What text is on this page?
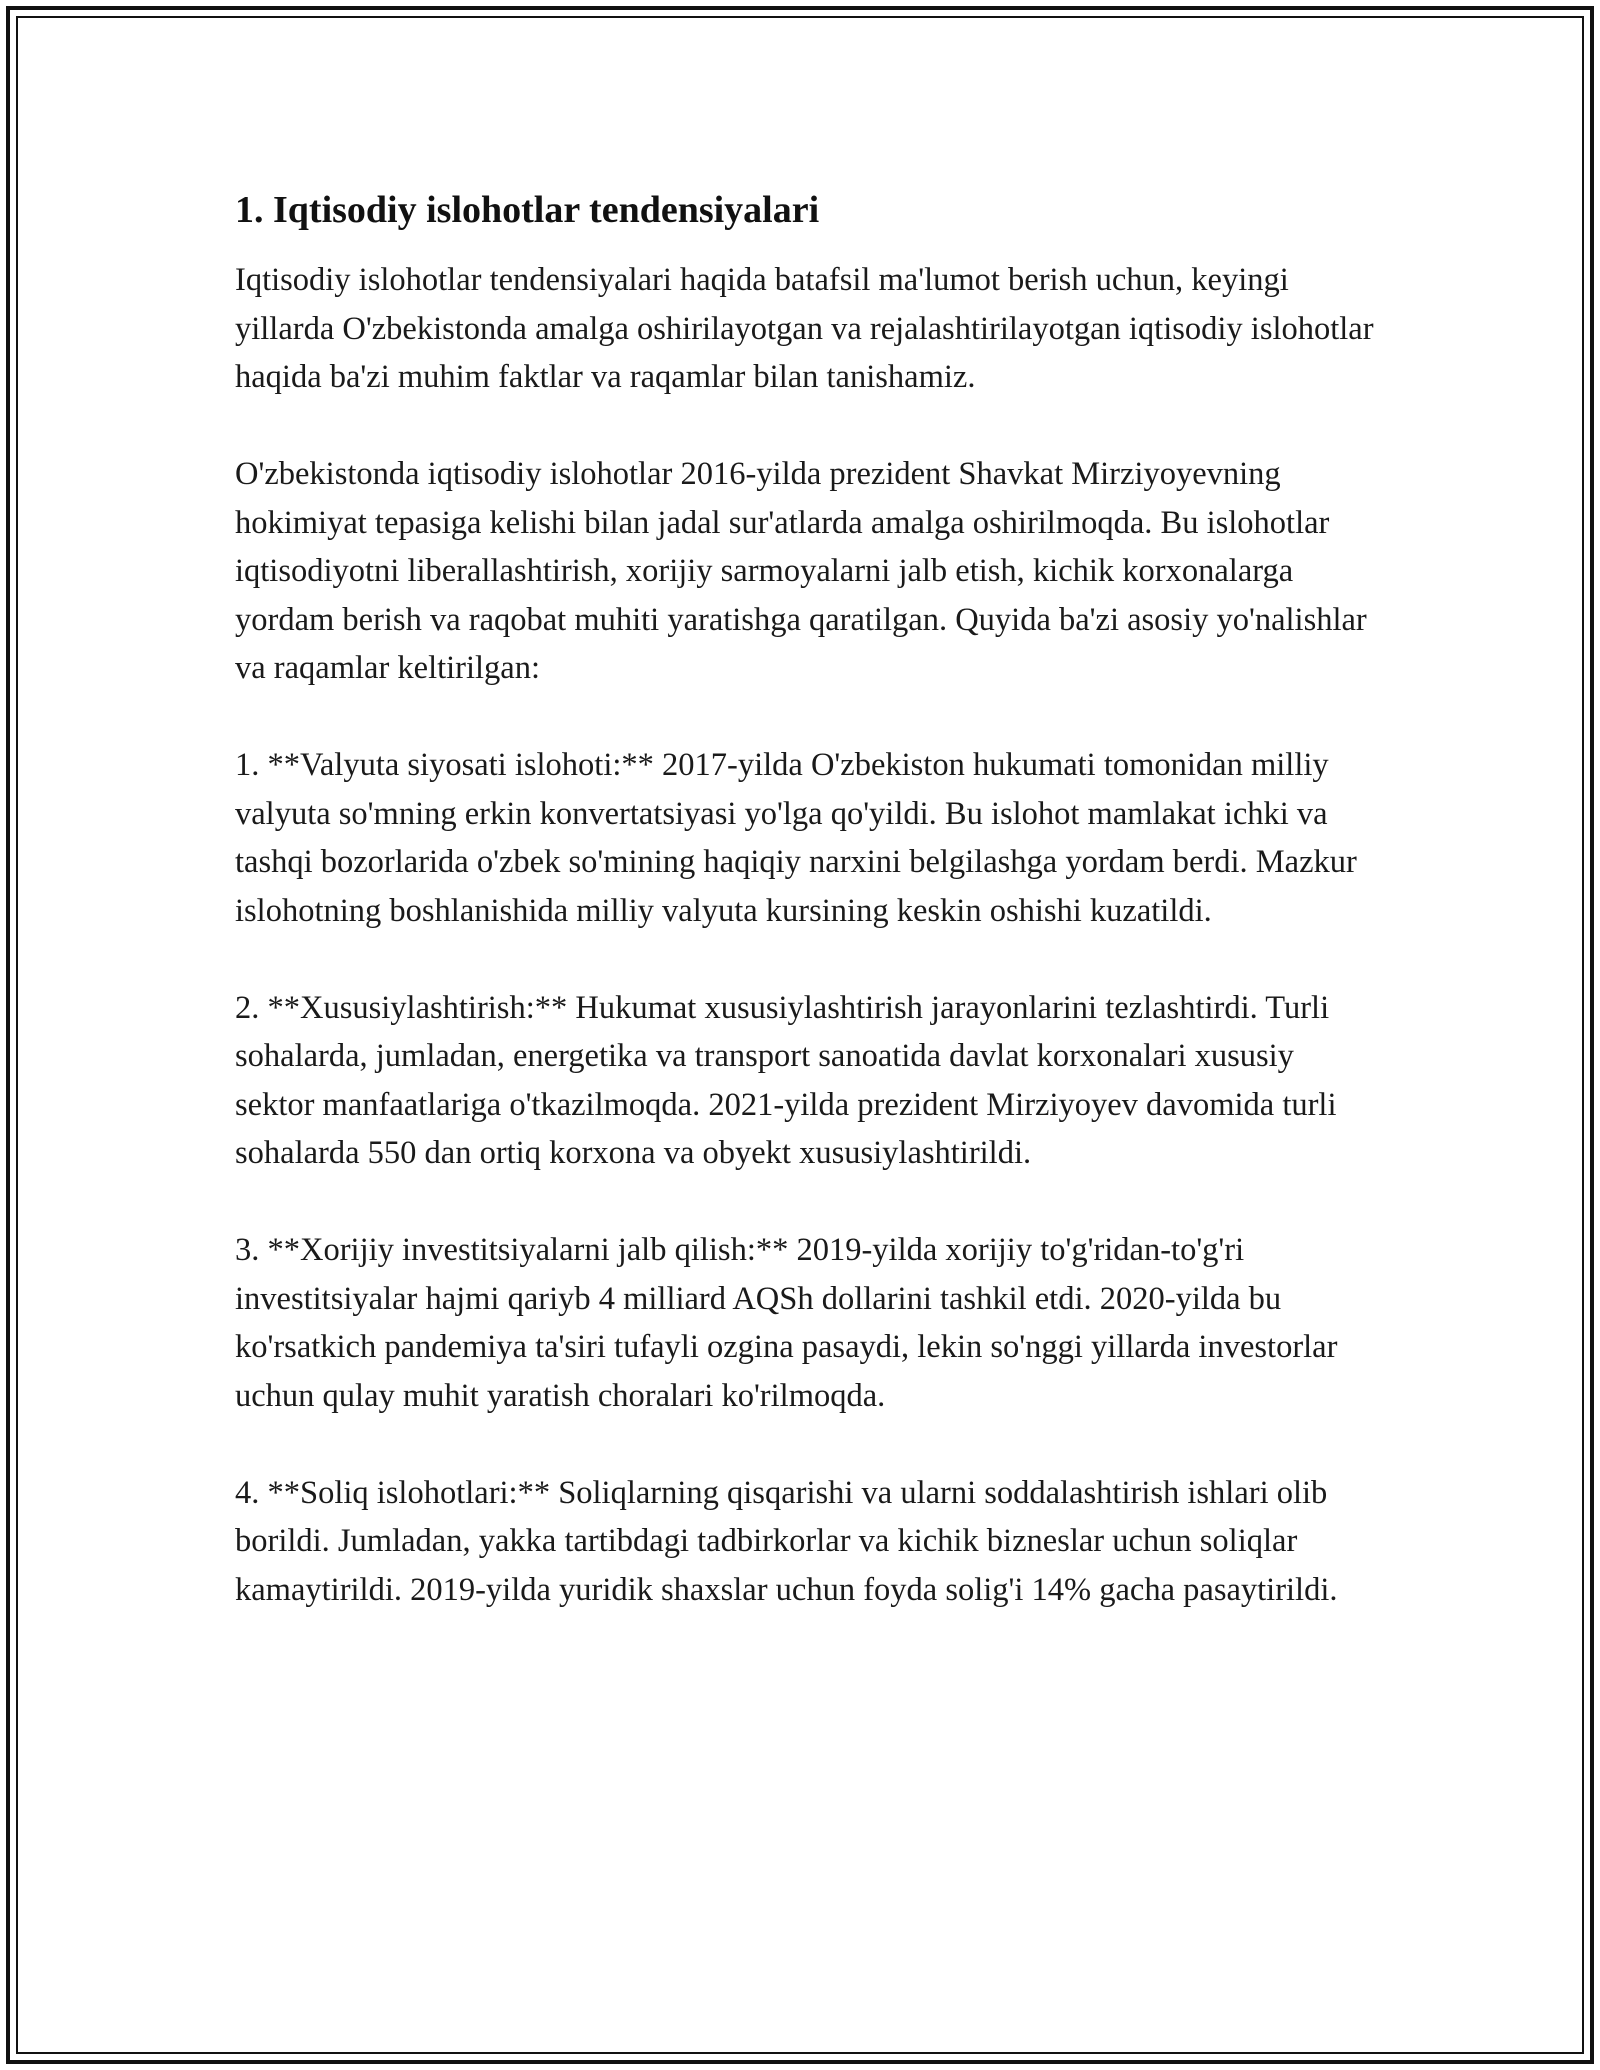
1. Iqtisodiy islohotlar tendensiyalari

Iqtisodiy islohotlar tendensiyalari haqida batafsil ma'lumot berish uchun, keyingi yillarda O'zbekistonda amalga oshirilayotgan va rejalashtirilayotgan iqtisodiy islohotlar haqida ba'zi muhim faktlar va raqamlar bilan tanishamiz.

O'zbekistonda iqtisodiy islohotlar 2016-yilda prezident Shavkat Mirziyoyevning hokimiyat tepasiga kelishi bilan jadal sur'atlarda amalga oshirilmoqda. Bu islohotlar iqtisodiyotni liberallashtirish, xorijiy sarmoyalarni jalb etish, kichik korxonalarga yordam berish va raqobat muhiti yaratishga qaratilgan. Quyida ba'zi asosiy yo'nalishlar va raqamlar keltirilgan:

1. **Valyuta siyosati islohoti:** 2017-yilda O'zbekiston hukumati tomonidan milliy valyuta so'mning erkin konvertatsiyasi yo'lga qo'yildi. Bu islohot mamlakat ichki va tashqi bozorlarida o'zbek so'mining haqiqiy narxini belgilashga yordam berdi. Mazkur islohotning boshlanishida milliy valyuta kursining keskin oshishi kuzatildi.

2. **Xususiylashtirish:** Hukumat xususiylashtirish jarayonlarini tezlashtirdi. Turli sohalarda, jumladan, energetika va transport sanoatida davlat korxonalari xususiy sektor manfaatlariga o'tkazilmoqda. 2021-yilda prezident Mirziyoyev davomida turli sohalarda 550 dan ortiq korxona va obyekt xususiylashtirildi.

3. **Xorijiy investitsiyalarni jalb qilish:** 2019-yilda xorijiy to'g'ridan-to'g'ri investitsiyalar hajmi qariyb 4 milliard AQSh dollarini tashkil etdi. 2020-yilda bu ko'rsatkich pandemiya ta'siri tufayli ozgina pasaydi, lekin so'nggi yillarda investorlar uchun qulay muhit yaratish choralari ko'rilmoqda.

4. **Soliq islohotlari:** Soliqlarning qisqarishi va ularni soddalashtirish ishlari olib borildi. Jumladan, yakka tartibdagi tadbirkorlar va kichik bizneslar uchun soliqlar kamaytirildi. 2019-yilda yuridik shaxslar uchun foyda solig'i 14% gacha pasaytirildi.
